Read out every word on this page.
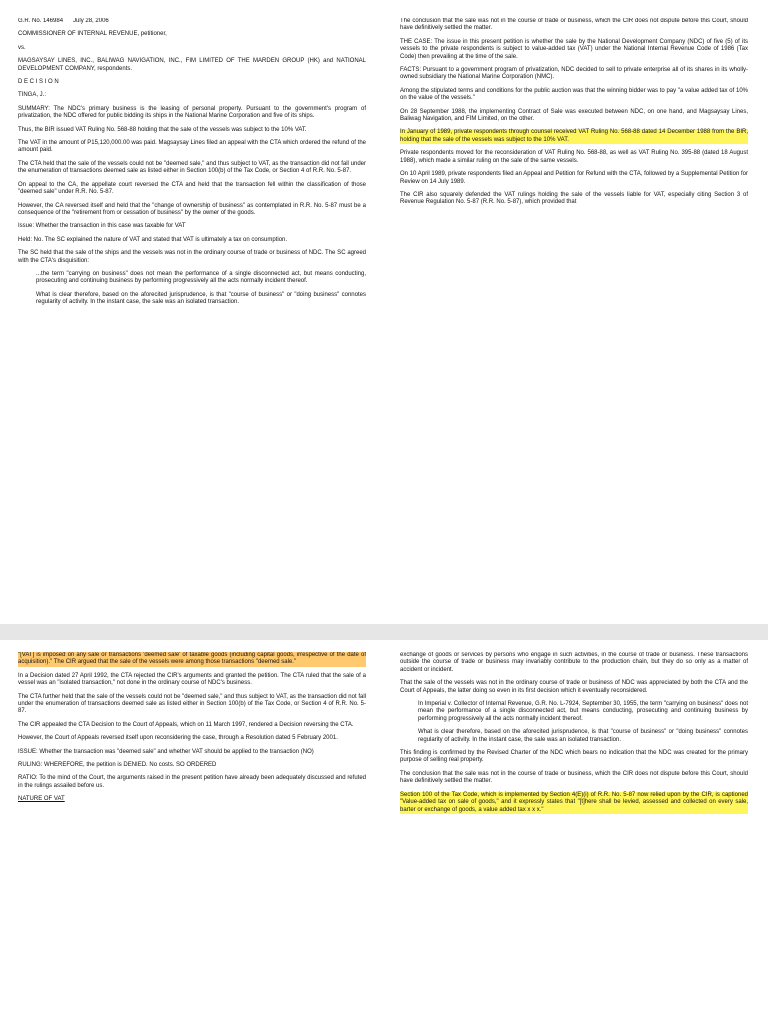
G.R. No. 146984 July 28, 2006

COMMISSIONER OF INTERNAL REVENUE, petitioner,

vs.

MAGSAYSAY LINES, INC., BALIWAG NAVIGATION, INC., FIM LIMITED OF THE MARDEN GROUP (HK) and NATIONAL DEVELOPMENT COMPANY, respondents.

D E C I S I O N

TINGA, J.:

SUMMARY: The NDC's primary business is the leasing of personal property. Pursuant to the government's program of privatization, the NDC offered for public bidding its ships in the National Marine Corporation and five of its ships.

Thus, the BIR issued VAT Ruling No. 568-88 holding that the sale of the vessels was subject to the 10% VAT.

The VAT in the amount of P15,120,000.00 was paid. Magsaysay Lines filed an appeal with the CTA which ordered the refund of the amount paid.

The CTA held that the sale of the vessels could not be "deemed sale," and thus subject to VAT, as the transaction did not fall under the enumeration of transactions deemed sale as listed either in Section 100(b) of the Tax Code, or Section 4 of R.R. No. 5-87.

On appeal to the CA, the appellate court reversed the CTA and held that the transaction fell within the classification of those "deemed sale" under R.R. No. 5-87.

However, the CA reversed itself and held that the "change of ownership of business" as contemplated in R.R. No. 5-87 must be a consequence of the "retirement from or cessation of business" by the owner of the goods.

Issue: Whether the transaction in this case was taxable for VAT

Held: No. The SC explained the nature of VAT and stated that VAT is ultimately a tax on consumption.

The SC held that the sale of the ships and the vessels was not in the ordinary course of trade or business of NDC. The SC agreed with the CTA's disquisition:

...the term "carrying on business" does not mean the performance of a single disconnected act, but means conducting, prosecuting and continuing business by performing progressively all the acts normally incident thereof.

What is clear therefore, based on the aforecited jurisprudence, is that "course of business" or "doing business" connotes regularity of activity. In the instant case, the sale was an isolated transaction.

The conclusion that the sale was not in the course of trade or business, which the CIR does not dispute before this Court, should have definitively settled the matter.

THE CASE: The issue in this present petition is whether the sale by the National Development Company (NDC) of five (5) of its vessels to the private respondents is subject to value-added tax (VAT) under the National Internal Revenue Code of 1986 (Tax Code) then prevailing at the time of the sale.

FACTS: Pursuant to a government program of privatization, NDC decided to sell to private enterprise all of its shares in its wholly-owned subsidiary the National Marine Corporation (NMC).

Among the stipulated terms and conditions for the public auction was that the winning bidder was to pay "a value added tax of 10% on the value of the vessels."

On 28 September 1988, the implementing Contract of Sale was executed between NDC, on one hand, and Magsaysay Lines, Baliwag Navigation, and FIM Limited, on the other.

In January of 1989, private respondents through counsel received VAT Ruling No. 568-88 dated 14 December 1988 from the BIR, holding that the sale of the vessels was subject to the 10% VAT.

Private respondents moved for the reconsideration of VAT Ruling No. 568-88, as well as VAT Ruling No. 395-88 (dated 18 August 1988), which made a similar ruling on the sale of the same vessels.

On 10 April 1989, private respondents filed an Appeal and Petition for Refund with the CTA, followed by a Supplemental Petition for Review on 14 July 1989.

The CIR also squarely defended the VAT rulings holding the sale of the vessels liable for VAT, especially citing Section 3 of Revenue Regulation No. 5-87 (R.R. No. 5-87), which provided that

"[VAT] is imposed on any sale or transactions 'deemed sale' of taxable goods (including capital goods, irrespective of the date of acquisition)." The CIR argued that the sale of the vessels were among those transactions "deemed sale."

In a Decision dated 27 April 1992, the CTA rejected the CIR's arguments and granted the petition. The CTA ruled that the sale of a vessel was an "isolated transaction," not done in the ordinary course of NDC's business.

The CTA further held that the sale of the vessels could not be "deemed sale," and thus subject to VAT, as the transaction did not fall under the enumeration of transactions deemed sale as listed either in Section 100(b) of the Tax Code, or Section 4 of R.R. No. 5-87.

The CIR appealed the CTA Decision to the Court of Appeals, which on 11 March 1997, rendered a Decision reversing the CTA.

However, the Court of Appeals reversed itself upon reconsidering the case, through a Resolution dated 5 February 2001.

ISSUE: Whether the transaction was "deemed sale" and whether VAT should be applied to the transaction (NO)

RULING: WHEREFORE, the petition is DENIED. No costs. SO ORDERED

RATIO: To the mind of the Court, the arguments raised in the present petition have already been adequately discussed and refuted in the rulings assailed before us.

NATURE OF VAT

exchange of goods or services by persons who engage in such activities, in the course of trade or business. These transactions outside the course of trade or business may invariably contribute to the production chain, but they do so only as a matter of accident or incident.

That the sale of the vessels was not in the ordinary course of trade or business of NDC was appreciated by both the CTA and the Court of Appeals, the latter doing so even in its first decision which it eventually reconsidered.

In Imperial v. Collector of Internal Revenue, G.R. No. L-7924, September 30, 1955, the term "carrying on business" does not mean the performance of a single disconnected act, but means conducting, prosecuting and continuing business by performing progressively all the acts normally incident thereof.

What is clear therefore, based on the aforecited jurisprudence, is that "course of business" or "doing business" connotes regularity of activity. In the instant case, the sale was an isolated transaction.

This finding is confirmed by the Revised Charter of the NDC which bears no indication that the NDC was created for the primary purpose of selling real property.

The conclusion that the sale was not in the course of trade or business, which the CIR does not dispute before this Court, should have definitively settled the matter.

Section 100 of the Tax Code, which is implemented by Section 4(E)(i) of R.R. No. 5-87 now relied upon by the CIR, is captioned "Value-added tax on sale of goods," and it expressly states that "[t]here shall be levied, assessed and collected on every sale, barter or exchange of goods, a value added tax x x x."
